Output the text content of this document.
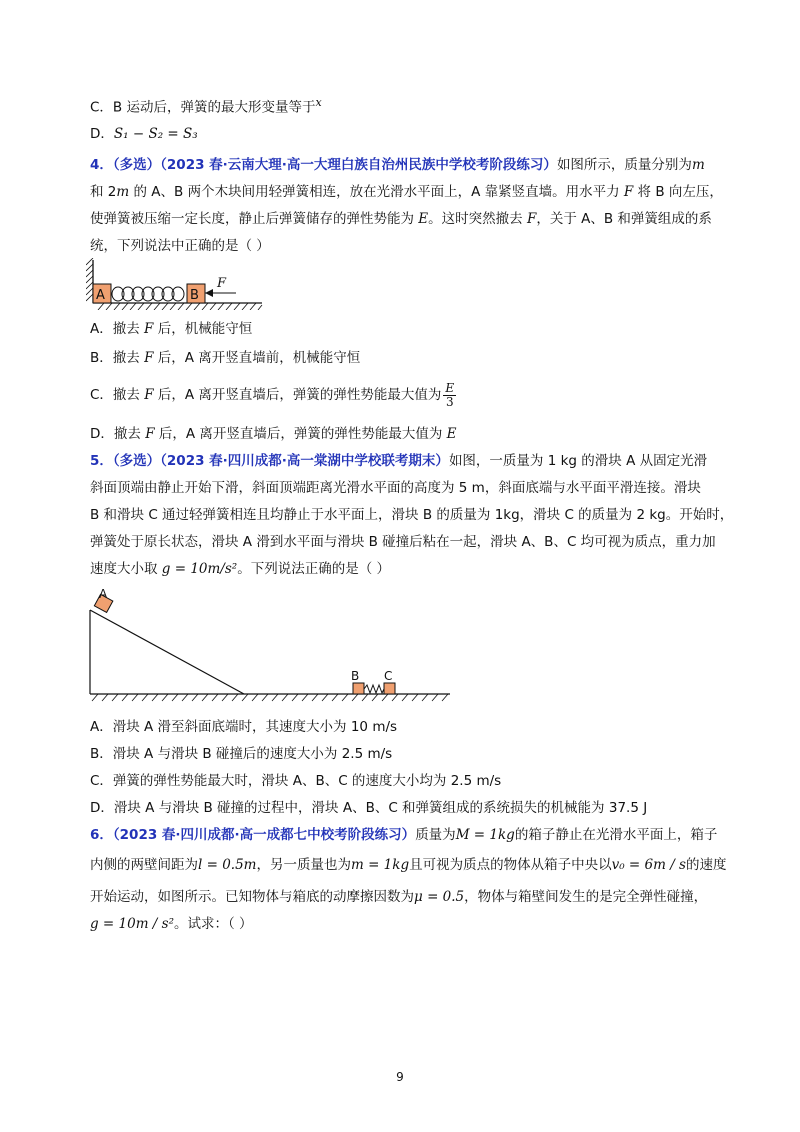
C．B 运动后，弹簧的最大形变量等于$^x$
D．S₁ − S₂ = S₃
4．（多选）（2023 春·云南大理·高一大理白族自治州民族中学校考阶段练习）如图所示，质量分别为m
和 2m 的 A、B 两个木块间用轻弹簧相连，放在光滑水平面上，A 靠紧竖直墙。用水平力 F 将 B 向左压，
使弹簧被压缩一定长度，静止后弹簧储存的弹性势能为 E。这时突然撤去 F，关于 A、B 和弹簧组成的系
统，下列说法中正确的是（ ）
A	B
F
A．撤去 F 后，机械能守恒
B．撤去 F 后，A 离开竖直墙前，机械能守恒
C．撤去 F 后，A 离开竖直墙后，弹簧的弹性势能最大值为 $\frac{E}{3}$
D．撤去 F 后，A 离开竖直墙后，弹簧的弹性势能最大值为 E
5．（多选）（2023 春·四川成都·高一棠湖中学校联考期末）如图，一质量为 1 kg 的滑块 A 从固定光滑
斜面顶端由静止开始下滑，斜面顶端距离光滑水平面的高度为 5 m，斜面底端与水平面平滑连接。滑块
B 和滑块 C 通过轻弹簧相连且均静止于水平面上，滑块 B 的质量为 1kg，滑块 C 的质量为 2 kg。开始时，
弹簧处于原长状态，滑块 A 滑到水平面与滑块 B 碰撞后粘在一起，滑块 A、B、C 均可视为质点，重力加
速度大小取 g = 10m/s²。下列说法正确的是（ ）
A
B C
A．滑块 A 滑至斜面底端时，其速度大小为 10 m/s
B．滑块 A 与滑块 B 碰撞后的速度大小为 2.5 m/s
C．弹簧的弹性势能最大时，滑块 A、B、C 的速度大小均为 2.5 m/s
D．滑块 A 与滑块 B 碰撞的过程中，滑块 A、B、C 和弹簧组成的系统损失的机械能为 37.5 J
6．（2023 春·四川成都·高一成都七中校考阶段练习）质量为M = 1kg的箱子静止在光滑水平面上，箱子
内侧的两壁间距为l = 0.5m，另一质量也为m = 1kg且可视为质点的物体从箱子中央以v₀ = 6m / s的速度
开始运动，如图所示。已知物体与箱底的动摩擦因数为μ = 0.5，物体与箱壁间发生的是完全弹性碰撞，
g = 10m / s²。试求：（ ）
9
